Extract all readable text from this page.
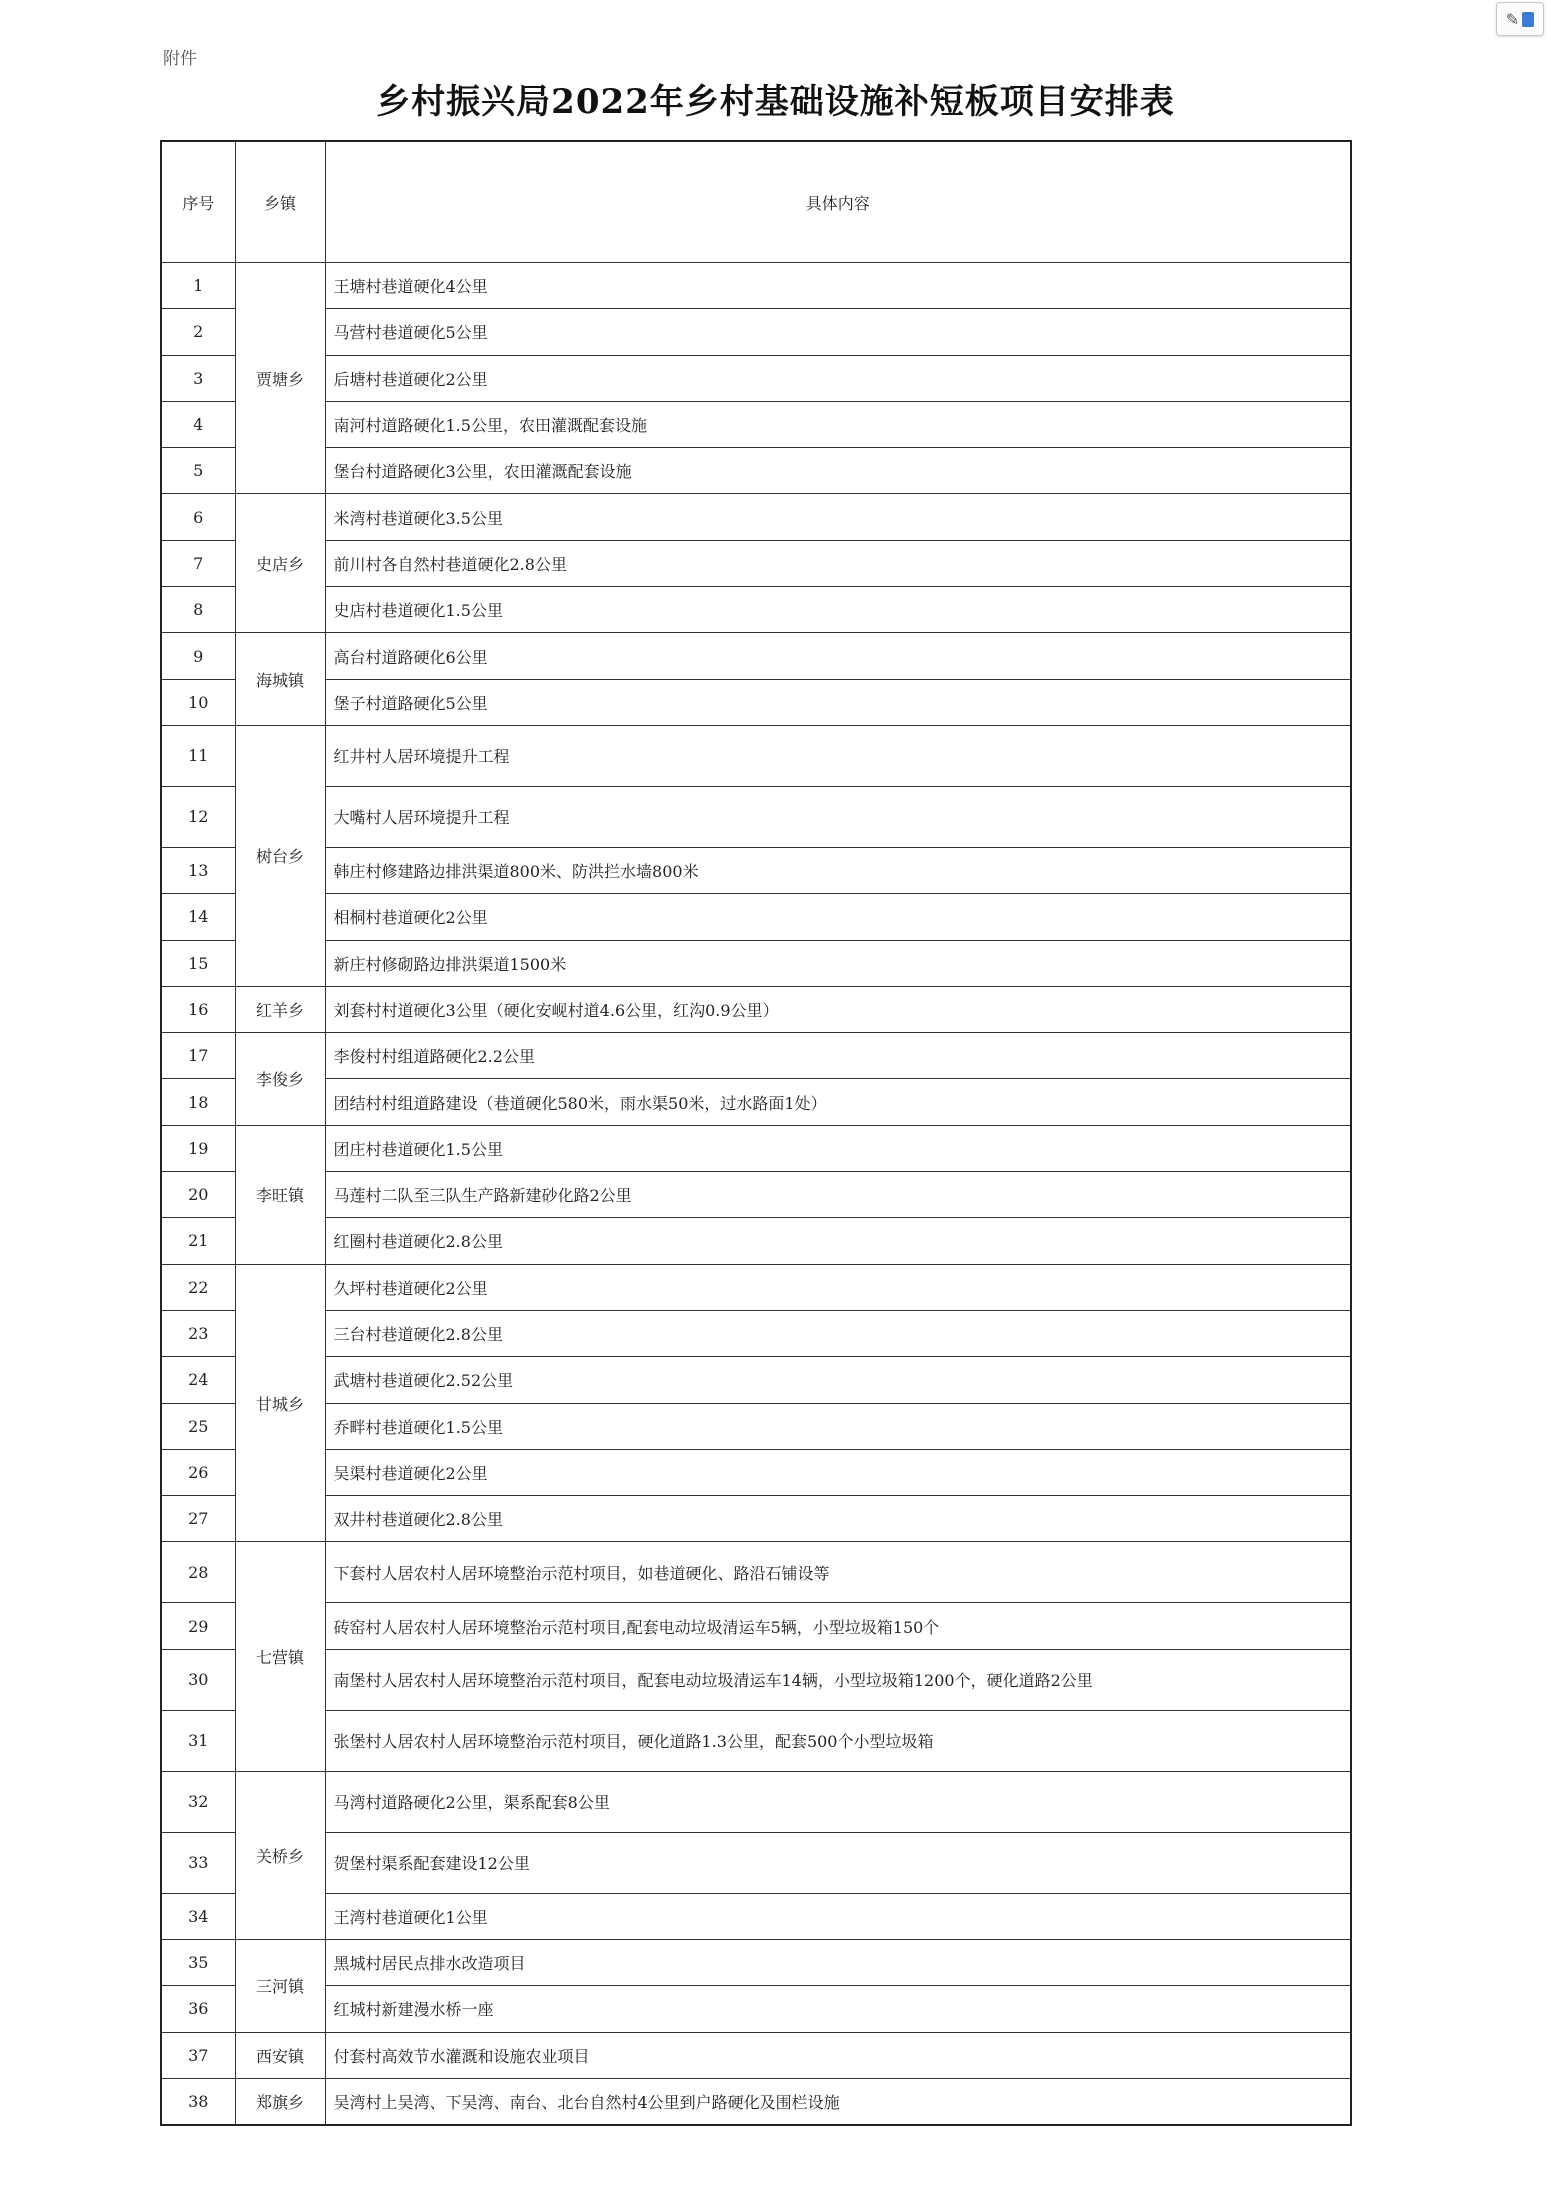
附件
✎
乡村振兴局2022年乡村基础设施补短板项目安排表
序号	乡镇	具体内容
1	贾塘乡	王塘村巷道硬化4公里
2		马营村巷道硬化5公里
3		后塘村巷道硬化2公里
4		南河村道路硬化1.5公里，农田灌溉配套设施
5		堡台村道路硬化3公里，农田灌溉配套设施
6	史店乡	米湾村巷道硬化3.5公里
7		前川村各自然村巷道硬化2.8公里
8		史店村巷道硬化1.5公里
9	海城镇	高台村道路硬化6公里
10		堡子村道路硬化5公里
11	树台乡	红井村人居环境提升工程
12		大嘴村人居环境提升工程
13		韩庄村修建路边排洪渠道800米、防洪拦水墙800米
14		相桐村巷道硬化2公里
15		新庄村修砌路边排洪渠道1500米
16	红羊乡	刘套村村道硬化3公里（硬化安岘村道4.6公里，红沟0.9公里）
17	李俊乡	李俊村村组道路硬化2.2公里
18		团结村村组道路建设（巷道硬化580米，雨水渠50米，过水路面1处）
19	李旺镇	团庄村巷道硬化1.5公里
20		马莲村二队至三队生产路新建砂化路2公里
21		红圈村巷道硬化2.8公里
22	甘城乡	久坪村巷道硬化2公里
23		三台村巷道硬化2.8公里
24		武塘村巷道硬化2.52公里
25		乔畔村巷道硬化1.5公里
26		吴渠村巷道硬化2公里
27		双井村巷道硬化2.8公里
28	七营镇	下套村人居农村人居环境整治示范村项目，如巷道硬化、路沿石铺设等
29		砖窑村人居农村人居环境整治示范村项目,配套电动垃圾清运车5辆，小型垃圾箱150个
30		南堡村人居农村人居环境整治示范村项目，配套电动垃圾清运车14辆，小型垃圾箱1200个，硬化道路2公里
31		张堡村人居农村人居环境整治示范村项目，硬化道路1.3公里，配套500个小型垃圾箱
32	关桥乡	马湾村道路硬化2公里，渠系配套8公里
33		贺堡村渠系配套建设12公里
34		王湾村巷道硬化1公里
35	三河镇	黑城村居民点排水改造项目
36		红城村新建漫水桥一座
37	西安镇	付套村高效节水灌溉和设施农业项目
38	郑旗乡	吴湾村上吴湾、下吴湾、南台、北台自然村4公里到户路硬化及围栏设施
